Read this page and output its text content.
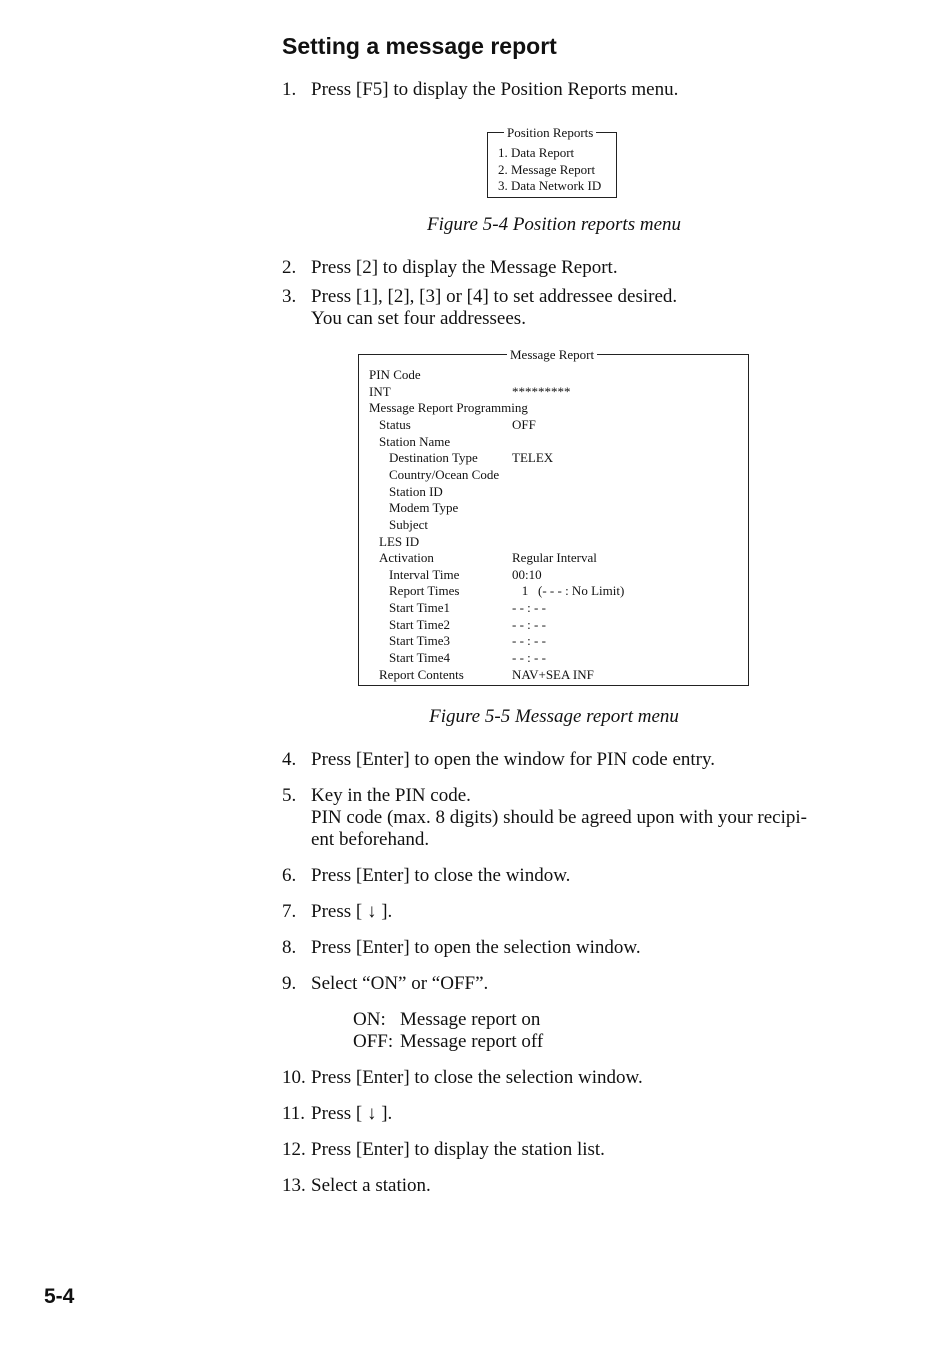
Setting a message report
1. Press [F5] to display the Position Reports menu.
Position Reports
1. Data Report
2. Message Report
3. Data Network ID
Figure 5-4 Position reports menu
2. Press [2] to display the Message Report.
3. Press [1], [2], [3] or [4] to set addressee desired.
You can set four addressees.
Message Report
PIN Code
INT	*********
Message Report Programming
Status	OFF
Station Name
Destination Type	TELEX
Country/Ocean Code
Station ID
Modem Type
Subject
LES ID
Activation	Regular Interval
Interval Time	00:10
Report Times	1   (- - - : No Limit)
Start Time1	- - : - -
Start Time2	- - : - -
Start Time3	- - : - -
Start Time4	- - : - -
Report Contents	NAV+SEA INF
Figure 5-5 Message report menu
4. Press [Enter] to open the window for PIN code entry.
5. Key in the PIN code.
PIN code (max. 8 digits) should be agreed upon with your recipi-
ent beforehand.
6. Press [Enter] to close the window.
7. Press [ ↓ ].
8. Press [Enter] to open the selection window.
9. Select “ON” or “OFF”.
ON: Message report on
OFF: Message report off
10. Press [Enter] to close the selection window.
11. Press [ ↓ ].
12. Press [Enter] to display the station list.
13. Select a station.
5-4
